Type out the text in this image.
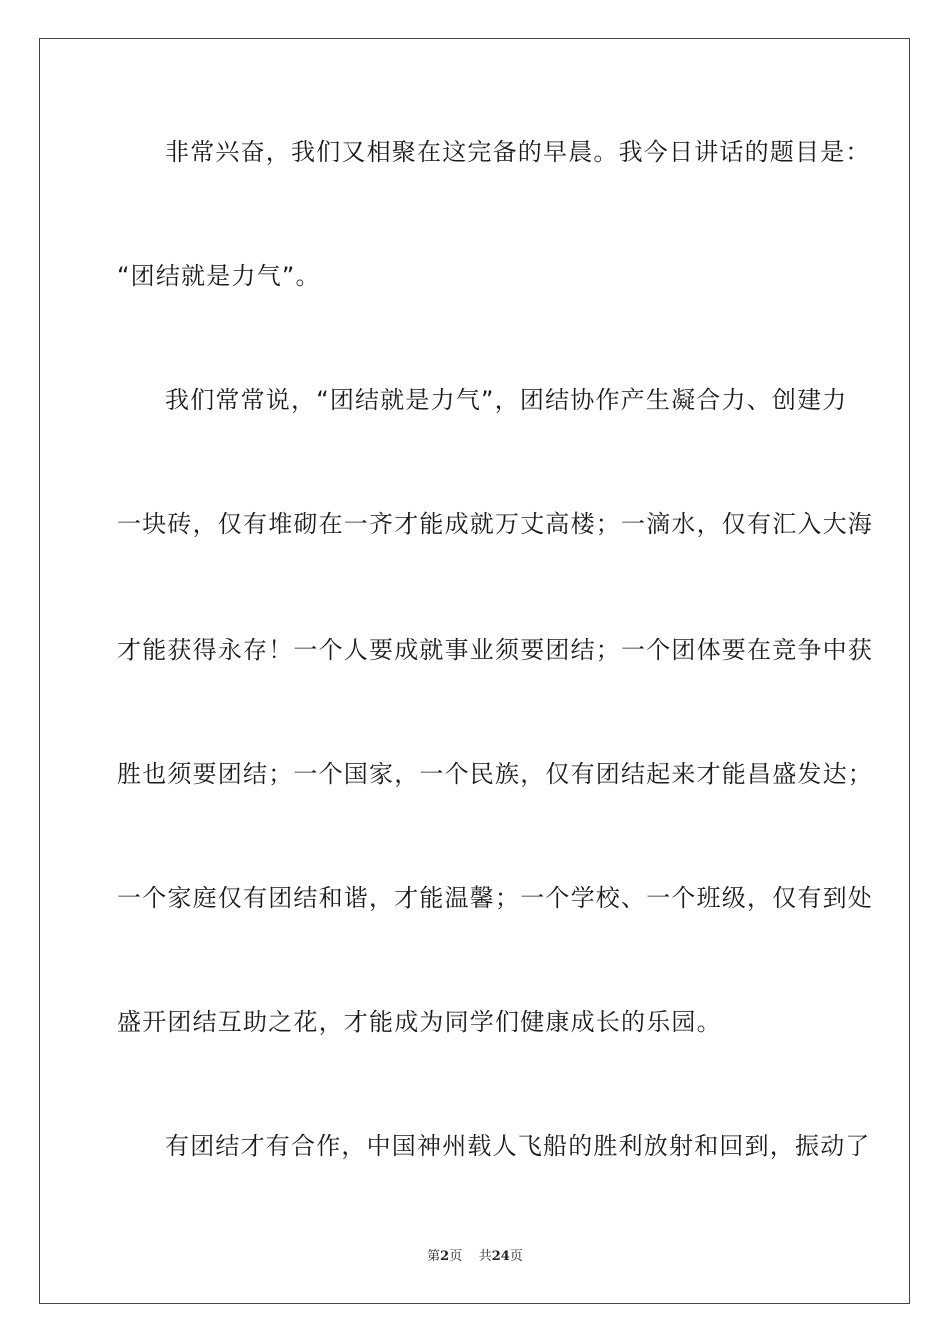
非常兴奋，我们又相聚在这完备的早晨。我今日讲话的题目是：
“团结就是力气”。
我们常常说，“团结就是力气”，团结协作产生凝合力、创建力
一块砖，仅有堆砌在一齐才能成就万丈高楼；一滴水，仅有汇入大海
才能获得永存！一个人要成就事业须要团结；一个团体要在竞争中获
胜也须要团结；一个国家，一个民族，仅有团结起来才能昌盛发达；
一个家庭仅有团结和谐，才能温馨；一个学校、一个班级，仅有到处
盛开团结互助之花，才能成为同学们健康成长的乐园。
有团结才有合作，中国神州载人飞船的胜利放射和回到，振动了
第2页 共24页
